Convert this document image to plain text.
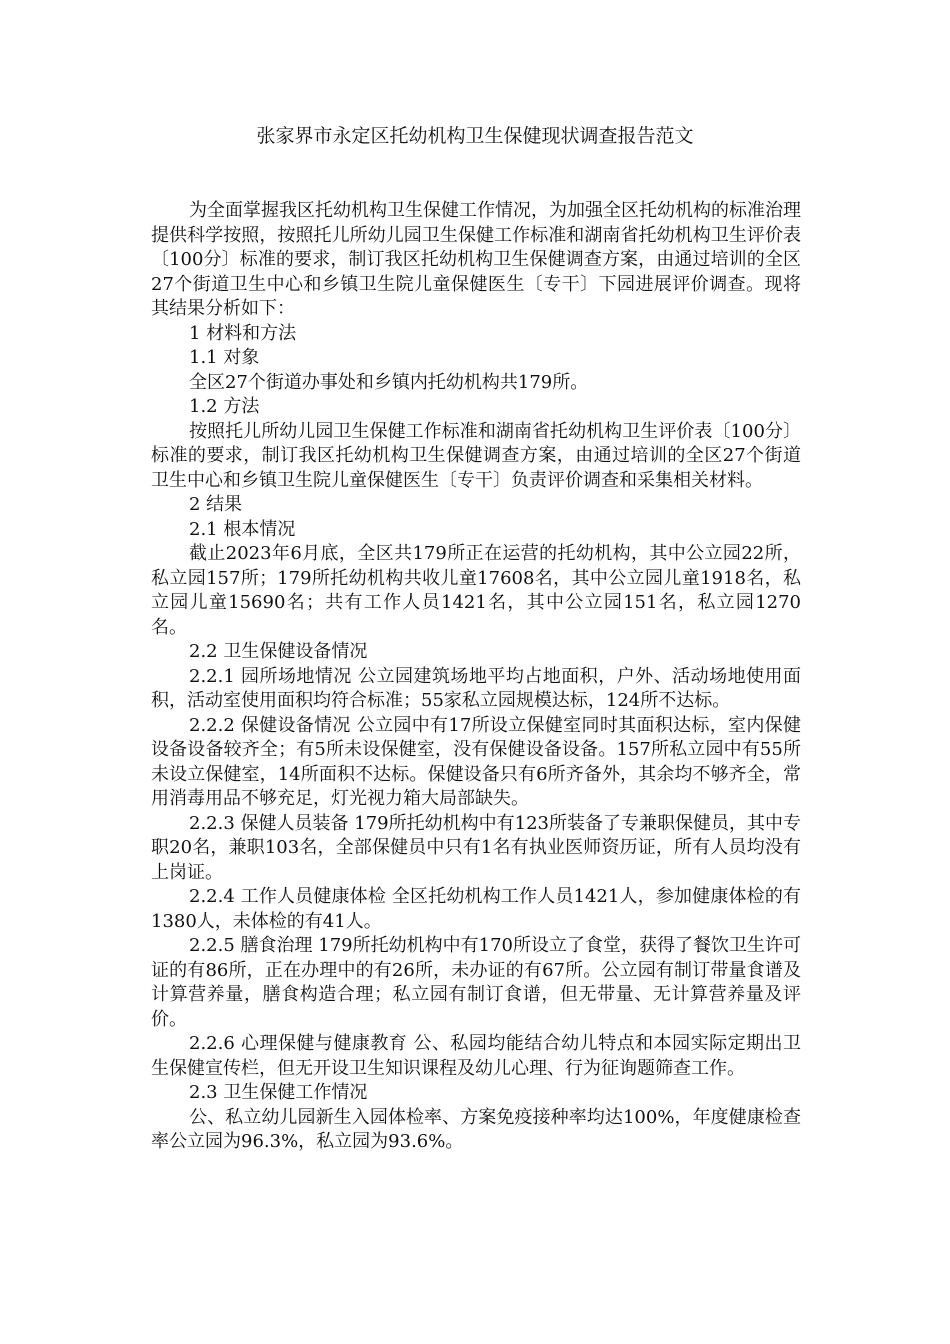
张家界市永定区托幼机构卫生保健现状调查报告范文

为全面掌握我区托幼机构卫生保健工作情况，为加强全区托幼机构的标准治理提供科学按照，按照托儿所幼儿园卫生保健工作标准和湖南省托幼机构卫生评价表〔100分〕标准的要求，制订我区托幼机构卫生保健调查方案，由通过培训的全区27个街道卫生中心和乡镇卫生院儿童保健医生〔专干〕下园进展评价调查。现将其结果分析如下：

1 材料和方法

1.1 对象

全区27个街道办事处和乡镇内托幼机构共179所。

1.2 方法

按照托儿所幼儿园卫生保健工作标准和湖南省托幼机构卫生评价表〔100分〕标准的要求，制订我区托幼机构卫生保健调查方案，由通过培训的全区27个街道卫生中心和乡镇卫生院儿童保健医生〔专干〕负责评价调查和采集相关材料。

2 结果

2.1 根本情况

截止2023年6月底，全区共179所正在运营的托幼机构，其中公立园22所，私立园157所；179所托幼机构共收儿童17608名，其中公立园儿童1918名，私立园儿童15690名；共有工作人员1421名，其中公立园151名，私立园1270名。

2.2 卫生保健设备情况

2.2.1 园所场地情况 公立园建筑场地平均占地面积，户外、活动场地使用面积，活动室使用面积均符合标准；55家私立园规模达标，124所不达标。

2.2.2 保健设备情况 公立园中有17所设立保健室同时其面积达标，室内保健设备设备较齐全；有5所未设保健室，没有保健设备设备。157所私立园中有55所未设立保健室，14所面积不达标。保健设备只有6所齐备外，其余均不够齐全，常用消毒用品不够充足，灯光视力箱大局部缺失。

2.2.3 保健人员装备 179所托幼机构中有123所装备了专兼职保健员，其中专职20名，兼职103名，全部保健员中只有1名有执业医师资历证，所有人员均没有上岗证。

2.2.4 工作人员健康体检 全区托幼机构工作人员1421人，参加健康体检的有1380人，未体检的有41人。

2.2.5 膳食治理 179所托幼机构中有170所设立了食堂，获得了餐饮卫生许可证的有86所，正在办理中的有26所，未办证的有67所。公立园有制订带量食谱及计算营养量，膳食构造合理；私立园有制订食谱，但无带量、无计算营养量及评价。

2.2.6 心理保健与健康教育 公、私园均能结合幼儿特点和本园实际定期出卫生保健宣传栏，但无开设卫生知识课程及幼儿心理、行为征询题筛查工作。

2.3 卫生保健工作情况

公、私立幼儿园新生入园体检率、方案免疫接种率均达100%，年度健康检查率公立园为96.3%，私立园为93.6%。
